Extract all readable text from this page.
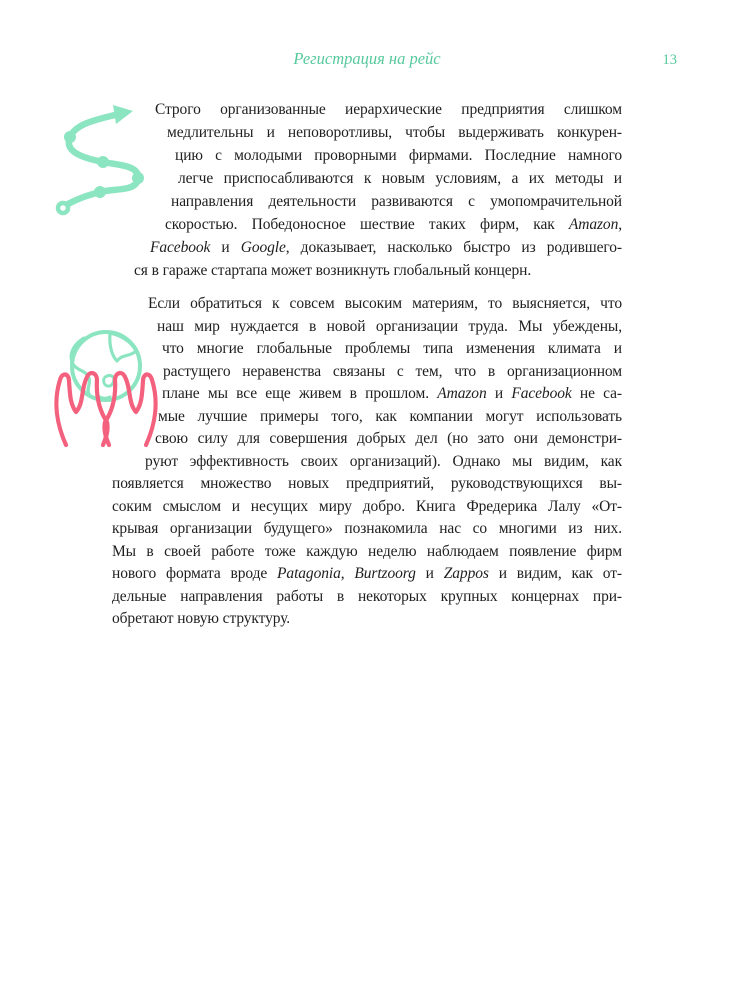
Регистрация на рейс	13
Строго организованные иерархические предприятия слишком
медлительны и неповоротливы, чтобы выдерживать конкурен-
цию с молодыми проворными фирмами. Последние намного
легче приспосабливаются к новым условиям, а их методы и
направления деятельности развиваются с умопомрачительной
скоростью. Победоносное шествие таких фирм, как Amazon,
Facebook и Google, доказывает, насколько быстро из родившего-
ся в гараже стартапа может возникнуть глобальный концерн.
Если обратиться к совсем высоким материям, то выясняется, что
наш мир нуждается в новой организации труда. Мы убеждены,
что многие глобальные проблемы типа изменения климата и
растущего неравенства связаны с тем, что в организационном
плане мы все еще живем в прошлом. Amazon и Facebook не са-
мые лучшие примеры того, как компании могут использовать
свою силу для совершения добрых дел (но зато они демонстри-
руют эффективность своих организаций). Однако мы видим, как
появляется множество новых предприятий, руководствующихся вы-
соким смыслом и несущих миру добро. Книга Фредерика Лалу «От-
крывая организации будущего» познакомила нас со многими из них.
Мы в своей работе тоже каждую неделю наблюдаем появление фирм
нового формата вроде Patagonia, Burtzoorg и Zappos и видим, как от-
дельные направления работы в некоторых крупных концернах при-
обретают новую структуру.
